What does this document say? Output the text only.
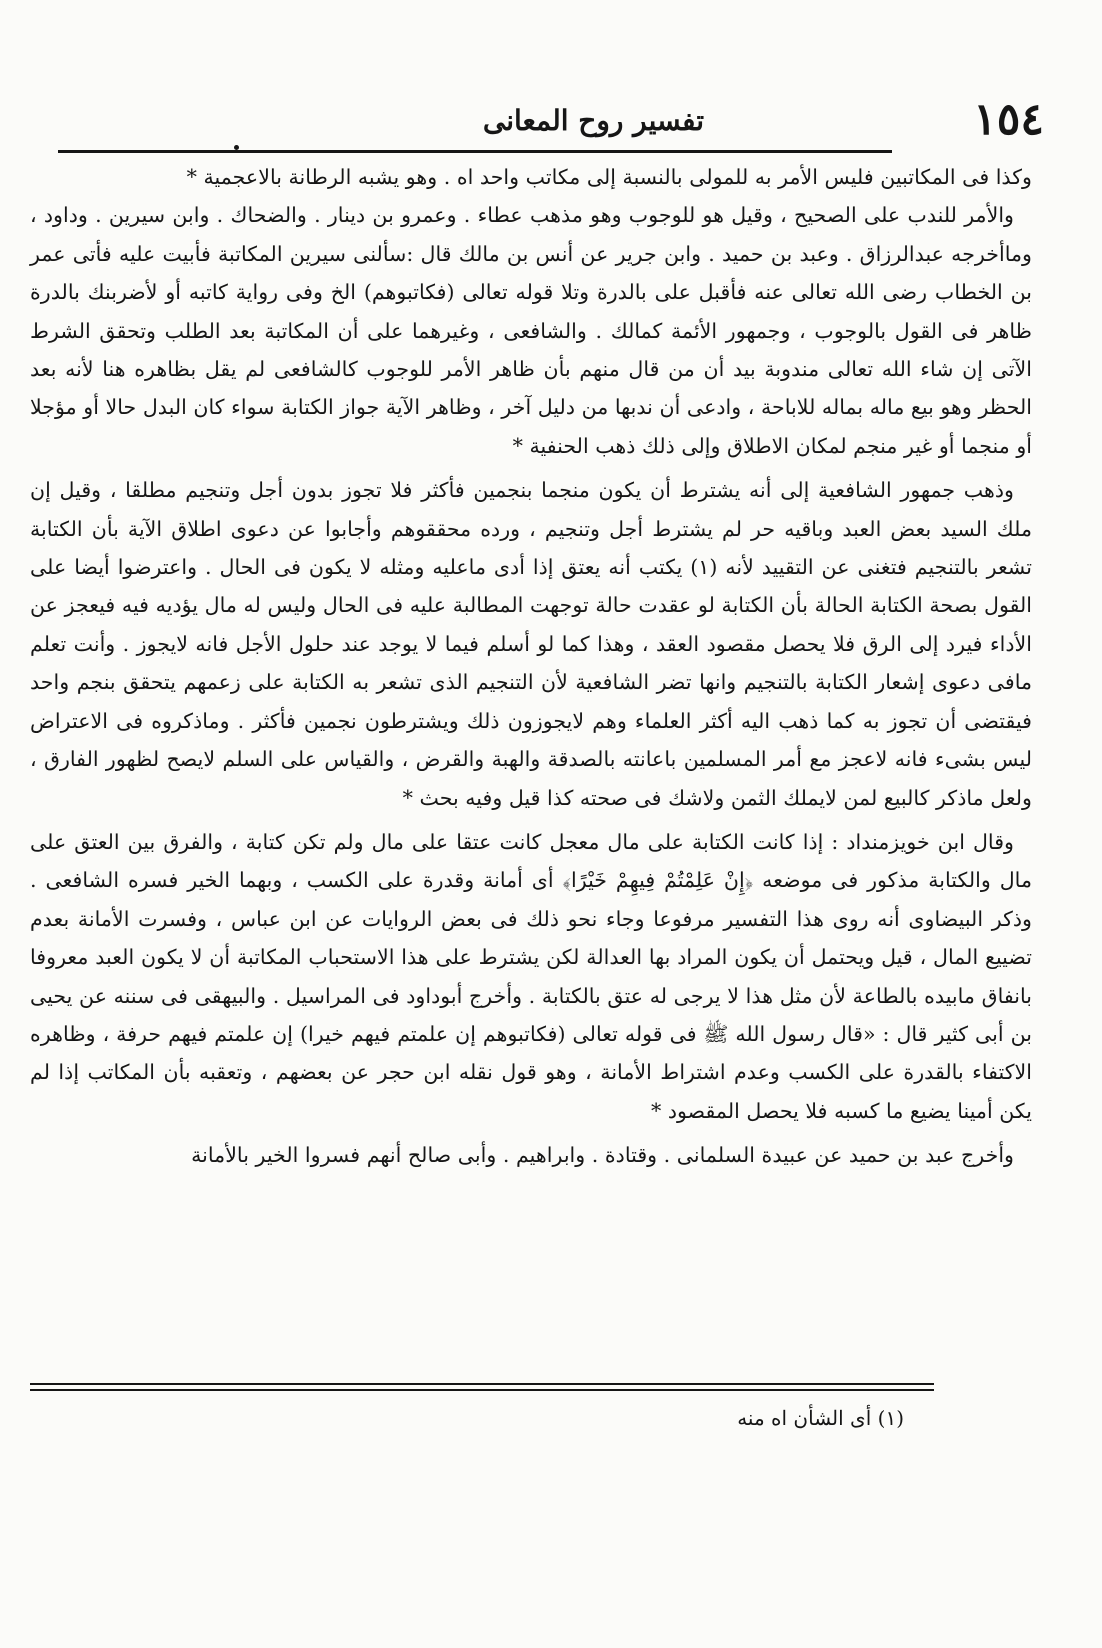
١٥٤
تفسير روح المعانى

وكذا فى المكاتبين فليس الأمر به للمولى بالنسبة إلى مكاتب واحد اه . وهو يشبه الرطانة بالاعجمية *

والأمر للندب على الصحيح ، وقيل هو للوجوب وهو مذهب عطاء . وعمرو بن دينار . والضحاك . وابن سيرين . وداود ، وماأخرجه عبدالرزاق . وعبد بن حميد . وابن جرير عن أنس بن مالك قال :سألنى سيرين المكاتبة فأبيت عليه فأتى عمر بن الخطاب رضى الله تعالى عنه فأقبل على بالدرة وتلا قوله تعالى (فكاتبوهم) الخ وفى رواية كاتبه أو لأضربنك بالدرة ظاهر فى القول بالوجوب ، وجمهور الأئمة كمالك . والشافعى ، وغيرهما على أن المكاتبة بعد الطلب وتحقق الشرط الآتى إن شاء الله تعالى مندوبة بيد أن من قال منهم بأن ظاهر الأمر للوجوب كالشافعى لم يقل بظاهره هنا لأنه بعد الحظر وهو بيع ماله بماله للاباحة ، وادعى أن ندبها من دليل آخر ، وظاهر الآية جواز الكتابة سواء كان البدل حالا أو مؤجلا أو منجما أو غير منجم لمكان الاطلاق وإلى ذلك ذهب الحنفية *

وذهب جمهور الشافعية إلى أنه يشترط أن يكون منجما بنجمين فأكثر فلا تجوز بدون أجل وتنجيم مطلقا ، وقيل إن ملك السيد بعض العبد وباقيه حر لم يشترط أجل وتنجيم ، ورده محققوهم وأجابوا عن دعوى اطلاق الآية بأن الكتابة تشعر بالتنجيم فتغنى عن التقييد لأنه (١) يكتب أنه يعتق إذا أدى ماعليه ومثله لا يكون فى الحال . واعترضوا أيضا على القول بصحة الكتابة الحالة بأن الكتابة لو عقدت حالة توجهت المطالبة عليه فى الحال وليس له مال يؤديه فيه فيعجز عن الأداء فيرد إلى الرق فلا يحصل مقصود العقد ، وهذا كما لو أسلم فيما لا يوجد عند حلول الأجل فانه لايجوز . وأنت تعلم مافى دعوى إشعار الكتابة بالتنجيم وانها تضر الشافعية لأن التنجيم الذى تشعر به الكتابة على زعمهم يتحقق بنجم واحد فيقتضى أن تجوز به كما ذهب اليه أكثر العلماء وهم لايجوزون ذلك ويشترطون نجمين فأكثر . وماذكروه فى الاعتراض ليس بشىء فانه لاعجز مع أمر المسلمين باعانته بالصدقة والهبة والقرض ، والقياس على السلم لايصح لظهور الفارق ، ولعل ماذكر كالبيع لمن لايملك الثمن ولاشك فى صحته كذا قيل وفيه بحث *

وقال ابن خويزمنداد : إذا كانت الكتابة على مال معجل كانت عتقا على مال ولم تكن كتابة ، والفرق بين العتق على مال والكتابة مذكور فى موضعه ﴿إِنْ عَلِمْتُمْ فِيهِمْ خَيْرًا﴾ أى أمانة وقدرة على الكسب ، وبهما الخير فسره الشافعى . وذكر البيضاوى أنه روى هذا التفسير مرفوعا وجاء نحو ذلك فى بعض الروايات عن ابن عباس ، وفسرت الأمانة بعدم تضييع المال ، قيل ويحتمل أن يكون المراد بها العدالة لكن يشترط على هذا الاستحباب المكاتبة أن لا يكون العبد معروفا بانفاق مابيده بالطاعة لأن مثل هذا لا يرجى له عتق بالكتابة . وأخرج أبوداود فى المراسيل . والبيهقى فى سننه عن يحيى بن أبى كثير قال : «قال رسول الله ﷺ فى قوله تعالى (فكاتبوهم إن علمتم فيهم خيرا) إن علمتم فيهم حرفة ، وظاهره الاكتفاء بالقدرة على الكسب وعدم اشتراط الأمانة ، وهو قول نقله ابن حجر عن بعضهم ، وتعقبه بأن المكاتب إذا لم يكن أمينا يضيع ما كسبه فلا يحصل المقصود *

وأخرج عبد بن حميد عن عبيدة السلمانى . وقتادة . وابراهيم . وأبى صالح أنهم فسروا الخير بالأمانة

(١) أى الشأن اه منه
